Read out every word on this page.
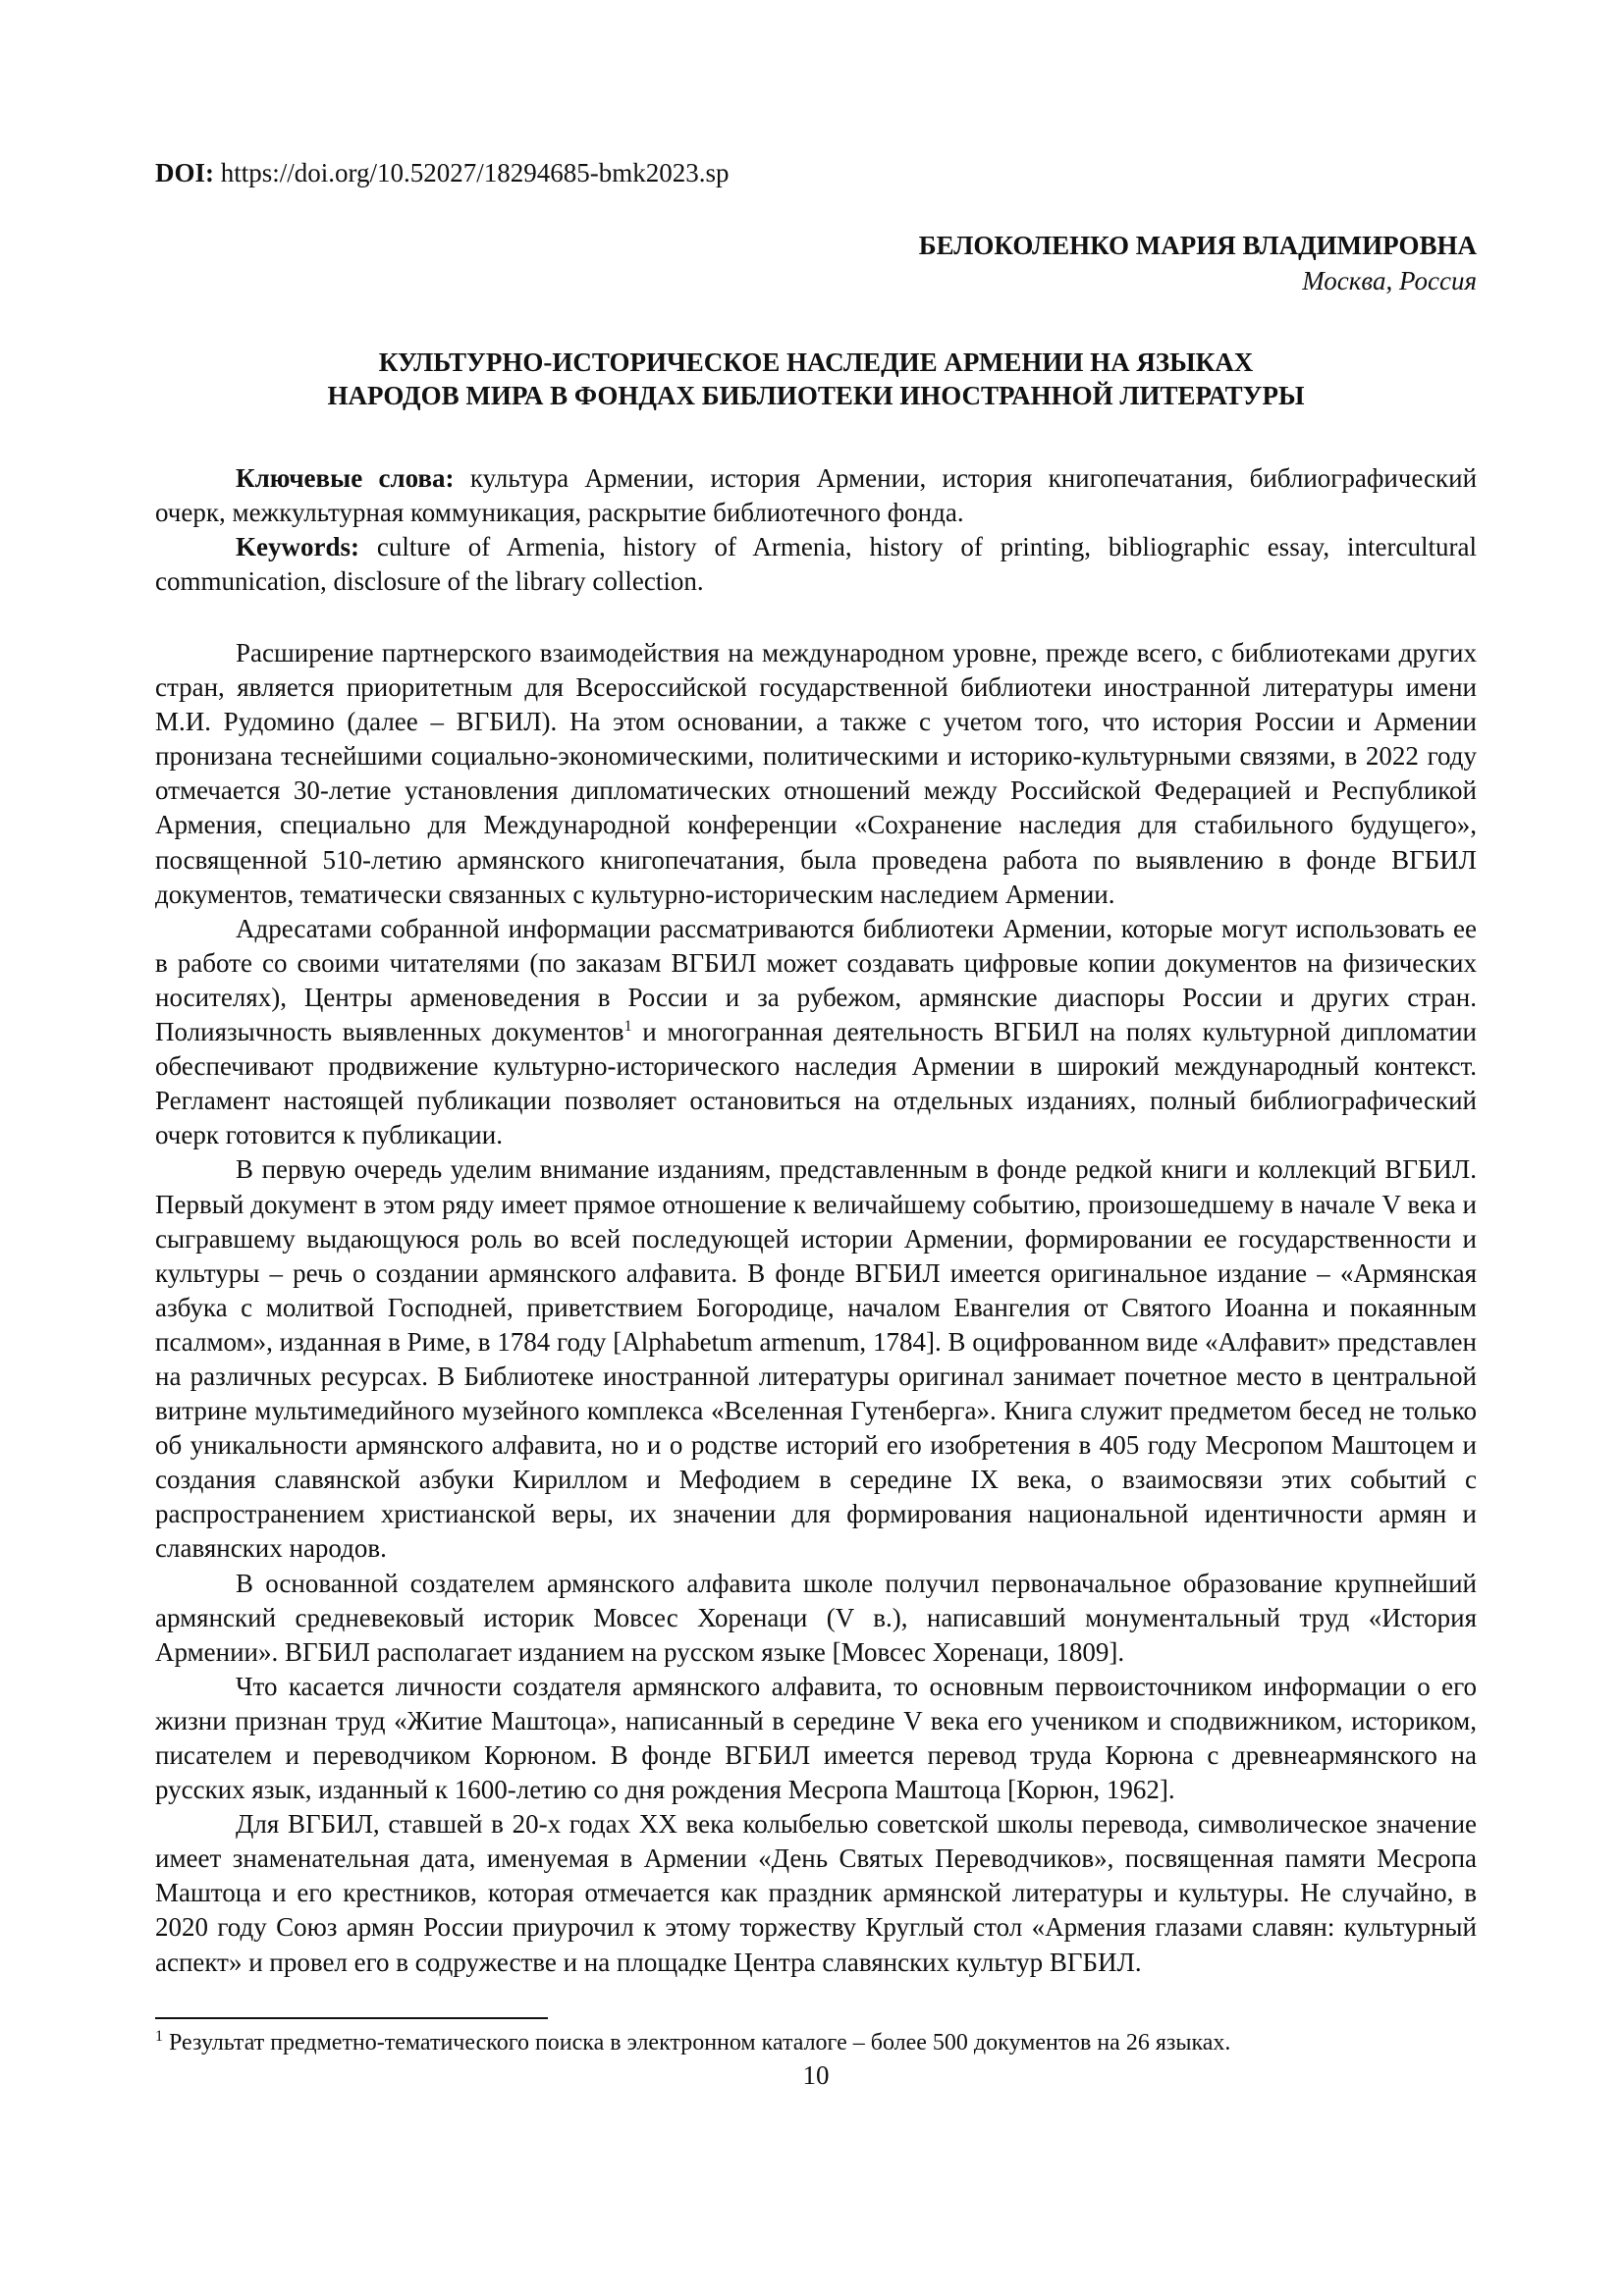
DOI: https://doi.org/10.52027/18294685-bmk2023.sp

БЕЛОКОЛЕНКО МАРИЯ ВЛАДИМИРОВНА
Москва, Россия
КУЛЬТУРНО-ИСТОРИЧЕСКОЕ НАСЛЕДИЕ АРМЕНИИ НА ЯЗЫКАХ
НАРОДОВ МИРА В ФОНДАХ БИБЛИОТЕКИ ИНОСТРАННОЙ ЛИТЕРАТУРЫ

Ключевые слова: культура Армении, история Армении, история книгопечатания, библиографический очерк, межкультурная коммуникация, раскрытие библиотечного фонда.

Keywords: culture of Armenia, history of Armenia, history of printing, bibliographic essay, intercultural communication, disclosure of the library collection.

Расширение партнерского взаимодействия на международном уровне, прежде всего, с библиотеками других стран, является приоритетным для Всероссийской государственной библиотеки иностранной литературы имени М.И. Рудомино (далее – ВГБИЛ). На этом основании, а также с учетом того, что история России и Армении пронизана теснейшими социально-экономическими, политическими и историко-культурными связями, в 2022 году отмечается 30-летие установления дипломатических отношений между Российской Федерацией и Республикой Армения, специально для Международной конференции «Сохранение наследия для стабильного будущего», посвященной 510-летию армянского книгопечатания, была проведена работа по выявлению в фонде ВГБИЛ документов, тематически связанных с культурно-историческим наследием Армении.

Адресатами собранной информации рассматриваются библиотеки Армении, которые могут использовать ее в работе со своими читателями (по заказам ВГБИЛ может создавать цифровые копии документов на физических носителях), Центры арменоведения в России и за рубежом, армянские диаспоры России и других стран. Полиязычность выявленных документов$^1$ и многогранная деятельность ВГБИЛ на полях культурной дипломатии обеспечивают продвижение культурно-исторического наследия Армении в широкий международный контекст. Регламент настоящей публикации позволяет остановиться на отдельных изданиях, полный библиографический очерк готовится к публикации.

В первую очередь уделим внимание изданиям, представленным в фонде редкой книги и коллекций ВГБИЛ. Первый документ в этом ряду имеет прямое отношение к величайшему событию, произошедшему в начале V века и сыгравшему выдающуюся роль во всей последующей истории Армении, формировании ее государственности и культуры – речь о создании армянского алфавита. В фонде ВГБИЛ имеется оригинальное издание – «Армянская азбука с молитвой Господней, приветствием Богородице, началом Евангелия от Святого Иоанна и покаянным псалмом», изданная в Риме, в 1784 году [Alphabetum armenum, 1784]. В оцифрованном виде «Алфавит» представлен на различных ресурсах. В Библиотеке иностранной литературы оригинал занимает почетное место в центральной витрине мультимедийного музейного комплекса «Вселенная Гутенберга». Книга служит предметом бесед не только об уникальности армянского алфавита, но и о родстве историй его изобретения в 405 году Месропом Маштоцем и создания славянской азбуки Кириллом и Мефодием в середине IX века, о взаимосвязи этих событий с распространением христианской веры, их значении для формирования национальной идентичности армян и славянских народов.

В основанной создателем армянского алфавита школе получил первоначальное образование крупнейший армянский средневековый историк Мовсес Хоренаци (V в.), написавший монументальный труд «История Армении». ВГБИЛ располагает изданием на русском языке [Мовсес Хоренаци, 1809].

Что касается личности создателя армянского алфавита, то основным первоисточником информации о его жизни признан труд «Житие Маштоца», написанный в середине V века его учеником и сподвижником, историком, писателем и переводчиком Корюном. В фонде ВГБИЛ имеется перевод труда Корюна с древнеармянского на русских язык, изданный к 1600-летию со дня рождения Месропа Маштоца [Корюн, 1962].

Для ВГБИЛ, ставшей в 20-х годах XX века колыбелью советской школы перевода, символическое значение имеет знаменательная дата, именуемая в Армении «День Святых Переводчиков», посвященная памяти Месропа Маштоца и его крестников, которая отмечается как праздник армянской литературы и культуры. Не случайно, в 2020 году Союз армян России приурочил к этому торжеству Круглый стол «Армения глазами славян: культурный аспект» и провел его в содружестве и на площадке Центра славянских культур ВГБИЛ.

$^1$ Результат предметно-тематического поиска в электронном каталоге – более 500 документов на 26 языках.
10
